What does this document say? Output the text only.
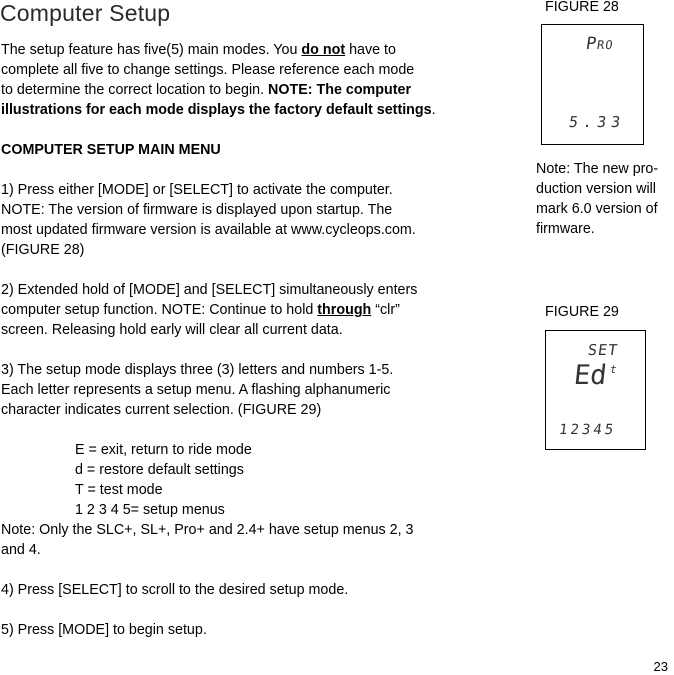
Computer Setup
The setup feature has five(5) main modes. You do not have to
complete all five to change settings. Please reference each mode
to determine the correct location to begin. NOTE: The computer
illustrations for each mode displays the factory default settings.
COMPUTER SETUP MAIN MENU
1) Press either [MODE] or [SELECT] to activate the computer.
NOTE: The version of firmware is displayed upon startup. The
most updated firmware version is available at www.cycleops.com.
(FIGURE 28)
2) Extended hold of [MODE] and [SELECT] simultaneously enters
computer setup function. NOTE: Continue to hold through “clr”
screen. Releasing hold early will clear all current data.
3) The setup mode displays three (3) letters and numbers 1-5.
Each letter represents a setup menu. A flashing alphanumeric
character indicates current selection. (FIGURE 29)
E = exit, return to ride mode
d = restore default settings
T = test mode
1 2 3 4 5= setup menus
Note: Only the SLC+, SL+, Pro+ and 2.4+ have setup menus 2, 3
and 4.
4) Press [SELECT] to scroll to the desired setup mode.
5) Press [MODE] to begin setup.
FIGURE 28
Pro
5.33
Note: The new pro-
duction version will
mark 6.0 version of
firmware.
FIGURE 29
SET
Ed t
12345
23
